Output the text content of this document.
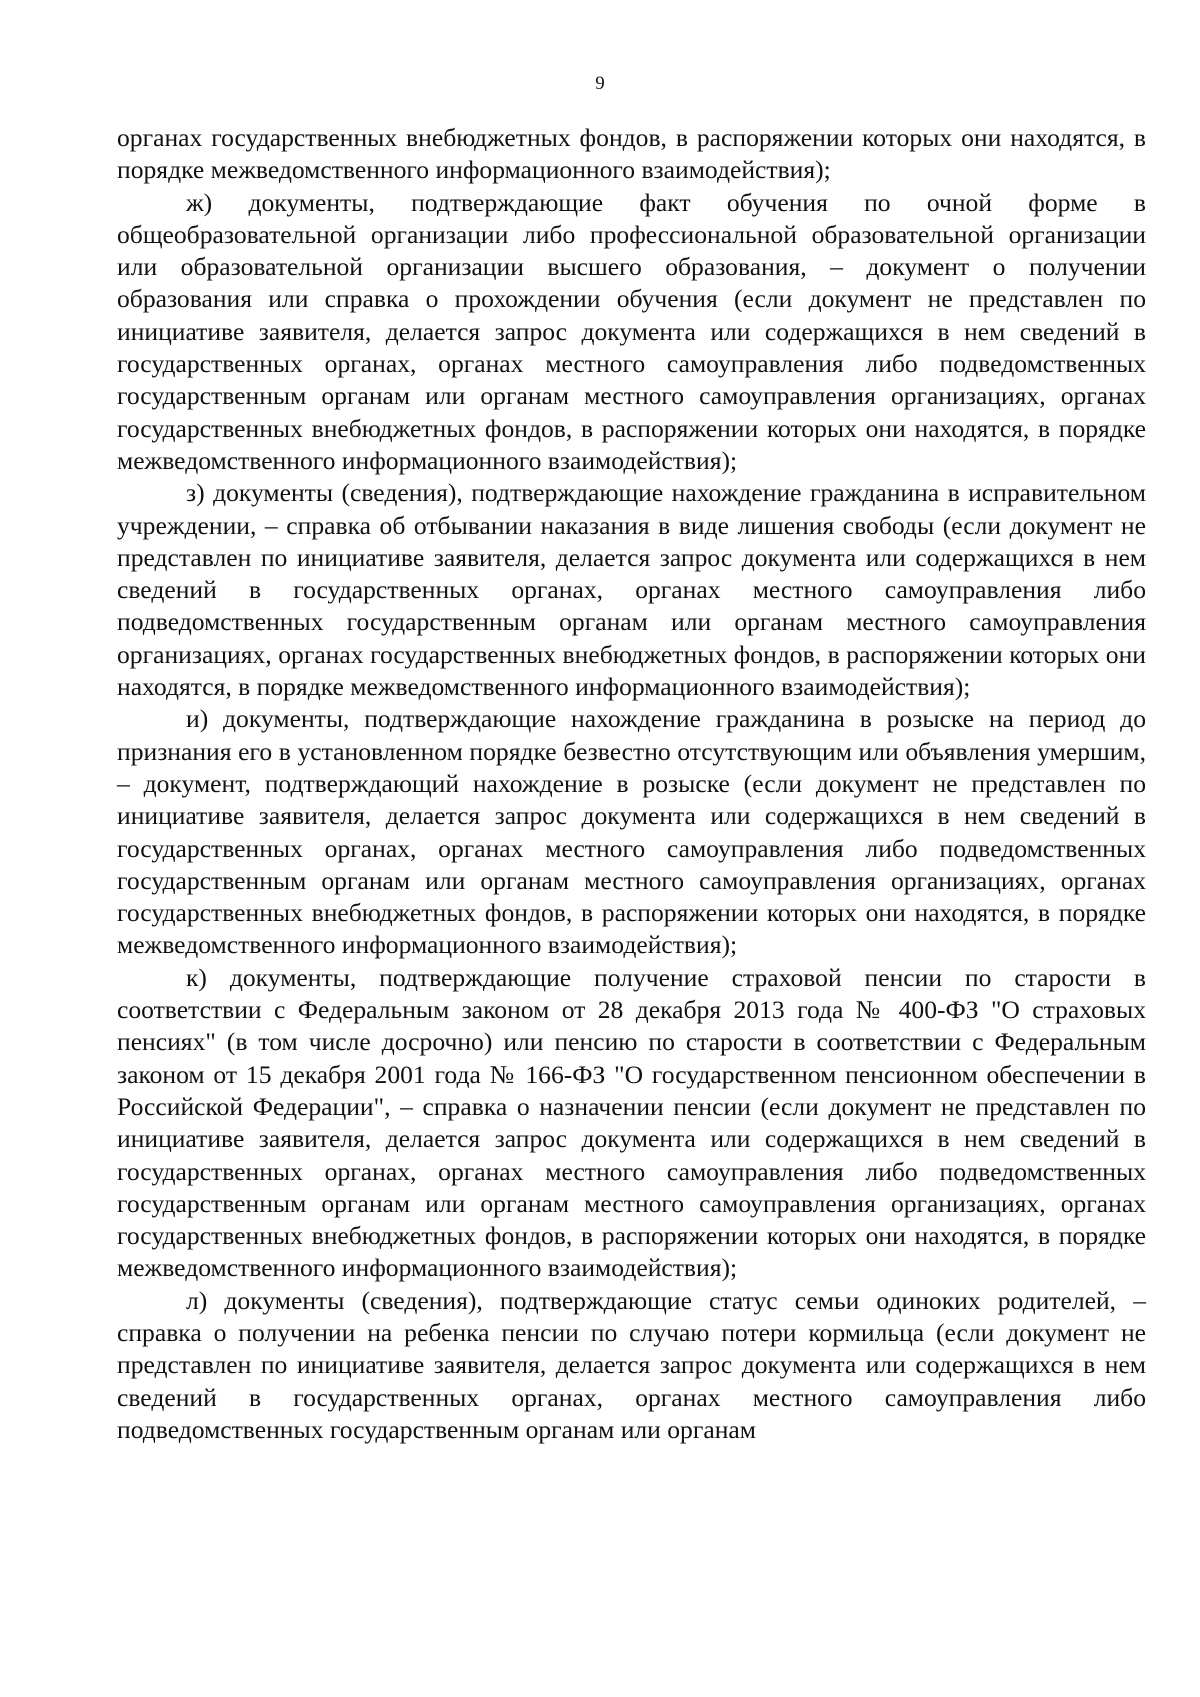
9

органах государственных внебюджетных фондов, в распоряжении которых они находятся, в порядке межведомственного информационного взаимодействия);

ж) документы, подтверждающие факт обучения по очной форме в общеобразовательной организации либо профессиональной образовательной организации или образовательной организации высшего образования, – документ о получении образования или справка о прохождении обучения (если документ не представлен по инициативе заявителя, делается запрос документа или содержащихся в нем сведений в государственных органах, органах местного самоуправления либо подведомственных государственным органам или органам местного самоуправления организациях, органах государственных внебюджетных фондов, в распоряжении которых они находятся, в порядке межведомственного информационного взаимодействия);

з) документы (сведения), подтверждающие нахождение гражданина в исправительном учреждении, – справка об отбывании наказания в виде лишения свободы (если документ не представлен по инициативе заявителя, делается запрос документа или содержащихся в нем сведений в государственных органах, органах местного самоуправления либо подведомственных государственным органам или органам местного самоуправления организациях, органах государственных внебюджетных фондов, в распоряжении которых они находятся, в порядке межведомственного информационного взаимодействия);

и) документы, подтверждающие нахождение гражданина в розыске на период до признания его в установленном порядке безвестно отсутствующим или объявления умершим, – документ, подтверждающий нахождение в розыске (если документ не представлен по инициативе заявителя, делается запрос документа или содержащихся в нем сведений в государственных органах, органах местного самоуправления либо подведомственных государственным органам или органам местного самоуправления организациях, органах государственных внебюджетных фондов, в распоряжении которых они находятся, в порядке межведомственного информационного взаимодействия);

к) документы, подтверждающие получение страховой пенсии по старости в соответствии с Федеральным законом от 28 декабря 2013 года № 400-ФЗ "О страховых пенсиях" (в том числе досрочно) или пенсию по старости в соответствии с Федеральным законом от 15 декабря 2001 года № 166-ФЗ "О государственном пенсионном обеспечении в Российской Федерации", – справка о назначении пенсии (если документ не представлен по инициативе заявителя, делается запрос документа или содержащихся в нем сведений в государственных органах, органах местного самоуправления либо подведомственных государственным органам или органам местного самоуправления организациях, органах государственных внебюджетных фондов, в распоряжении которых они находятся, в порядке межведомственного информационного взаимодействия);

л) документы (сведения), подтверждающие статус семьи одиноких родителей, – справка о получении на ребенка пенсии по случаю потери кормильца (если документ не представлен по инициативе заявителя, делается запрос документа или содержащихся в нем сведений в государственных органах, органах местного самоуправления либо подведомственных государственным органам или органам
